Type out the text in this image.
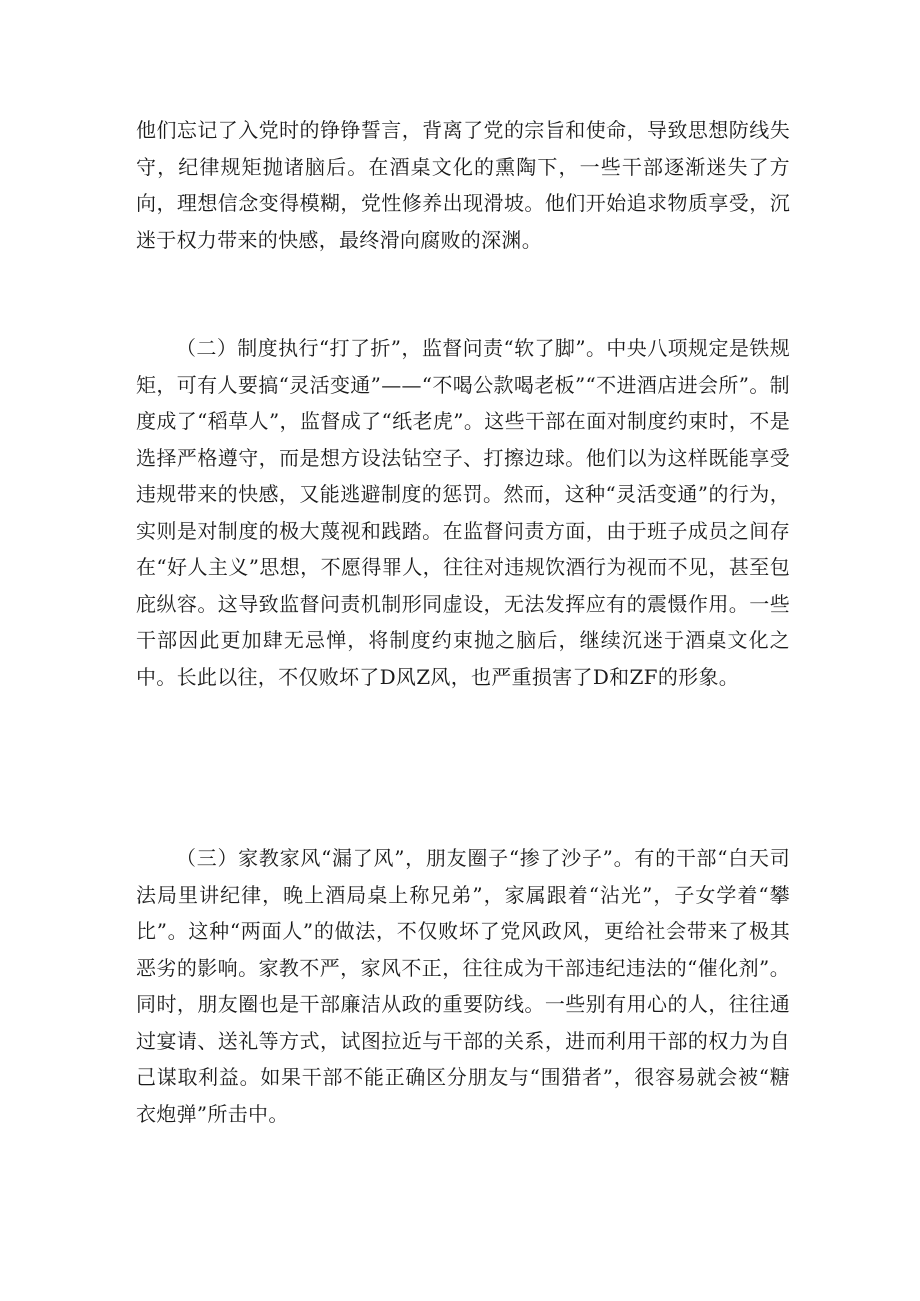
他们忘记了入党时的铮铮誓言，背离了党的宗旨和使命，导致思想防线失守，纪律规矩抛诸脑后。在酒桌文化的熏陶下，一些干部逐渐迷失了方向，理想信念变得模糊，党性修养出现滑坡。他们开始追求物质享受，沉迷于权力带来的快感，最终滑向腐败的深渊。

（二）制度执行“打了折”，监督问责“软了脚”。中央八项规定是铁规矩，可有人要搞“灵活变通”——“不喝公款喝老板”“不进酒店进会所”。制度成了“稻草人”，监督成了“纸老虎”。这些干部在面对制度约束时，不是选择严格遵守，而是想方设法钻空子、打擦边球。他们以为这样既能享受违规带来的快感，又能逃避制度的惩罚。然而，这种“灵活变通”的行为，实则是对制度的极大蔑视和践踏。在监督问责方面，由于班子成员之间存在“好人主义”思想，不愿得罪人，往往对违规饮酒行为视而不见，甚至包庇纵容。这导致监督问责机制形同虚设，无法发挥应有的震慑作用。一些干部因此更加肆无忌惮，将制度约束抛之脑后，继续沉迷于酒桌文化之中。长此以往，不仅败坏了D风Z风，也严重损害了D和ZF的形象。

（三）家教家风“漏了风”，朋友圈子“掺了沙子”。有的干部“白天司法局里讲纪律，晚上酒局桌上称兄弟”，家属跟着“沾光”，子女学着“攀比”。这种“两面人”的做法，不仅败坏了党风政风，更给社会带来了极其恶劣的影响。家教不严，家风不正，往往成为干部违纪违法的“催化剂”。同时，朋友圈也是干部廉洁从政的重要防线。一些别有用心的人，往往通过宴请、送礼等方式，试图拉近与干部的关系，进而利用干部的权力为自己谋取利益。如果干部不能正确区分朋友与“围猎者”，很容易就会被“糖衣炮弹”所击中。
